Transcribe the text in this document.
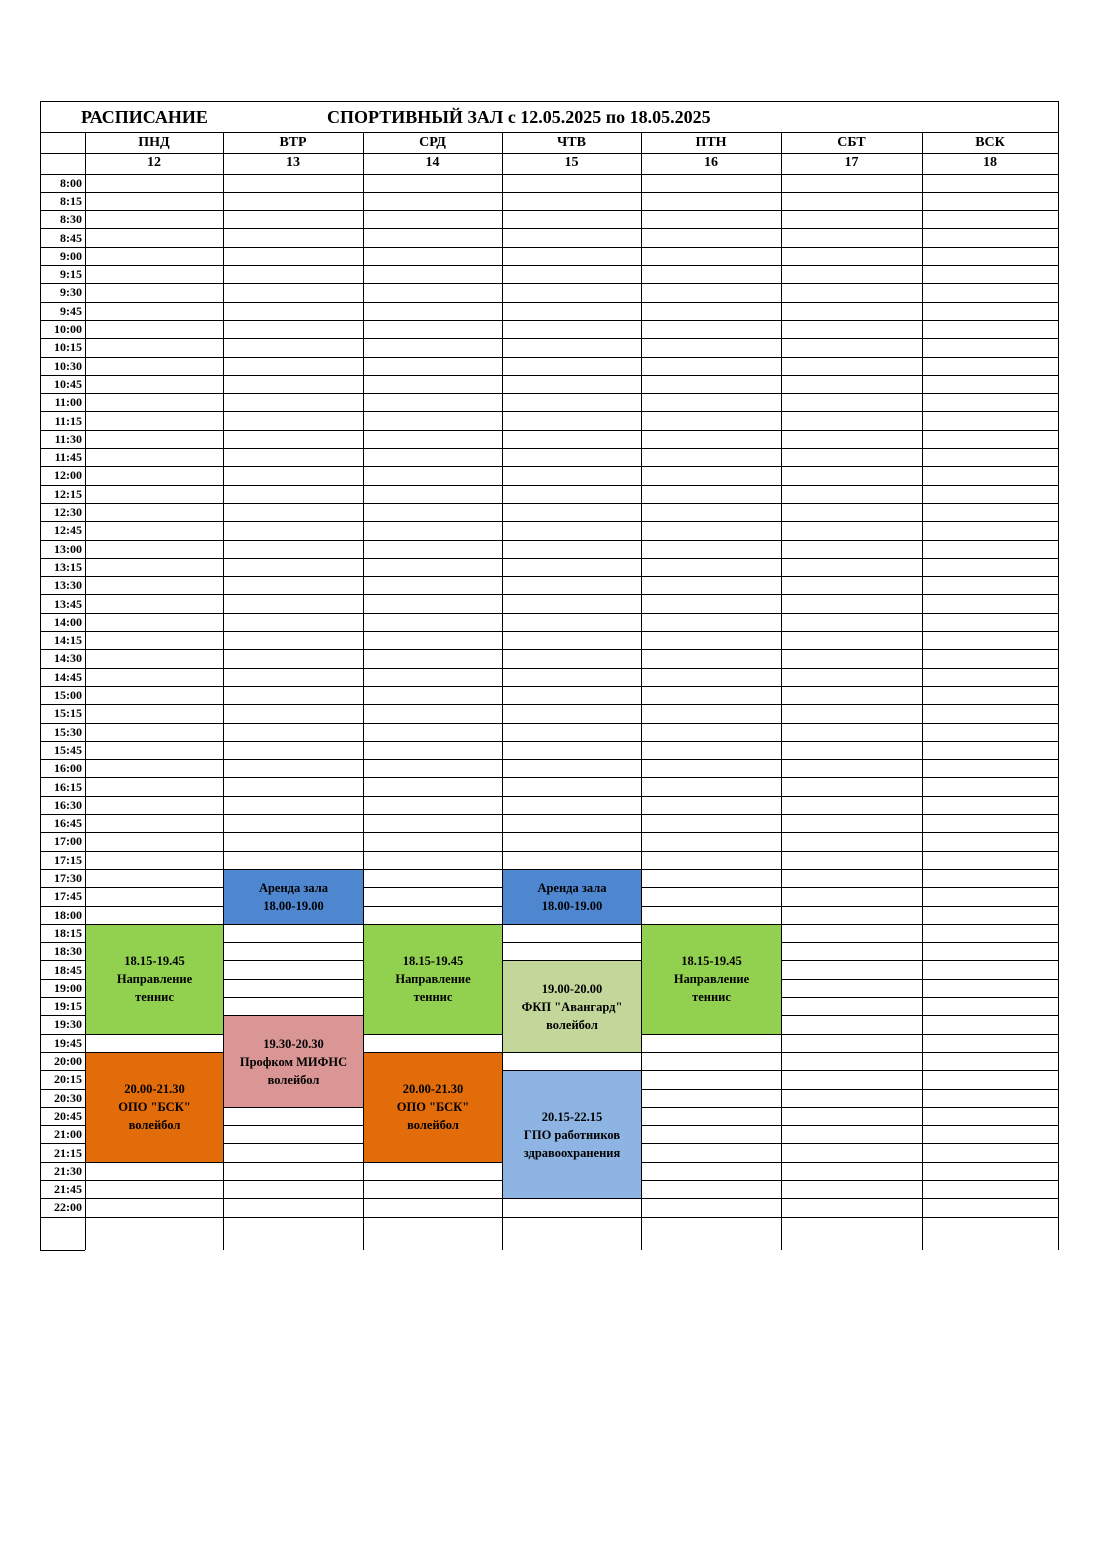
РАСПИСАНИЕ	СПОРТИВНЫЙ ЗАЛ с 12.05.2025 по 18.05.2025
8:00
8:15
8:30
8:45
9:00
9:15
9:30
9:45
10:00
10:15
10:30
10:45
11:00
11:15
11:30
11:45
12:00
12:15
12:30
12:45
13:00
13:15
13:30
13:45
14:00
14:15
14:30
14:45
15:00
15:15
15:30
15:45
16:00
16:15
16:30
16:45
17:00
17:15
17:30
17:45
18:00
18:15
18:30
18:45
19:00
19:15
19:30
19:45
20:00
20:15
20:30
20:45
21:00
21:15
21:30
21:45
22:00
ПНД
12
ВТР
13
СРД
14
ЧТВ
15
ПТН
16
СБТ
17
ВСК
18
Аренда зала
18.00-19.00
Аренда зала
18.00-19.00
18.15-19.45
Направление
теннис
18.15-19.45
Направление
теннис
18.15-19.45
Направление
теннис
19.00-20.00
ФКП "Авангард"
волейбол
19.30-20.30
Профком МИФНС
волейбол
20.00-21.30
ОПО "БСК"
волейбол
20.00-21.30
ОПО "БСК"
волейбол
20.15-22.15
ГПО работников
здравоохранения
